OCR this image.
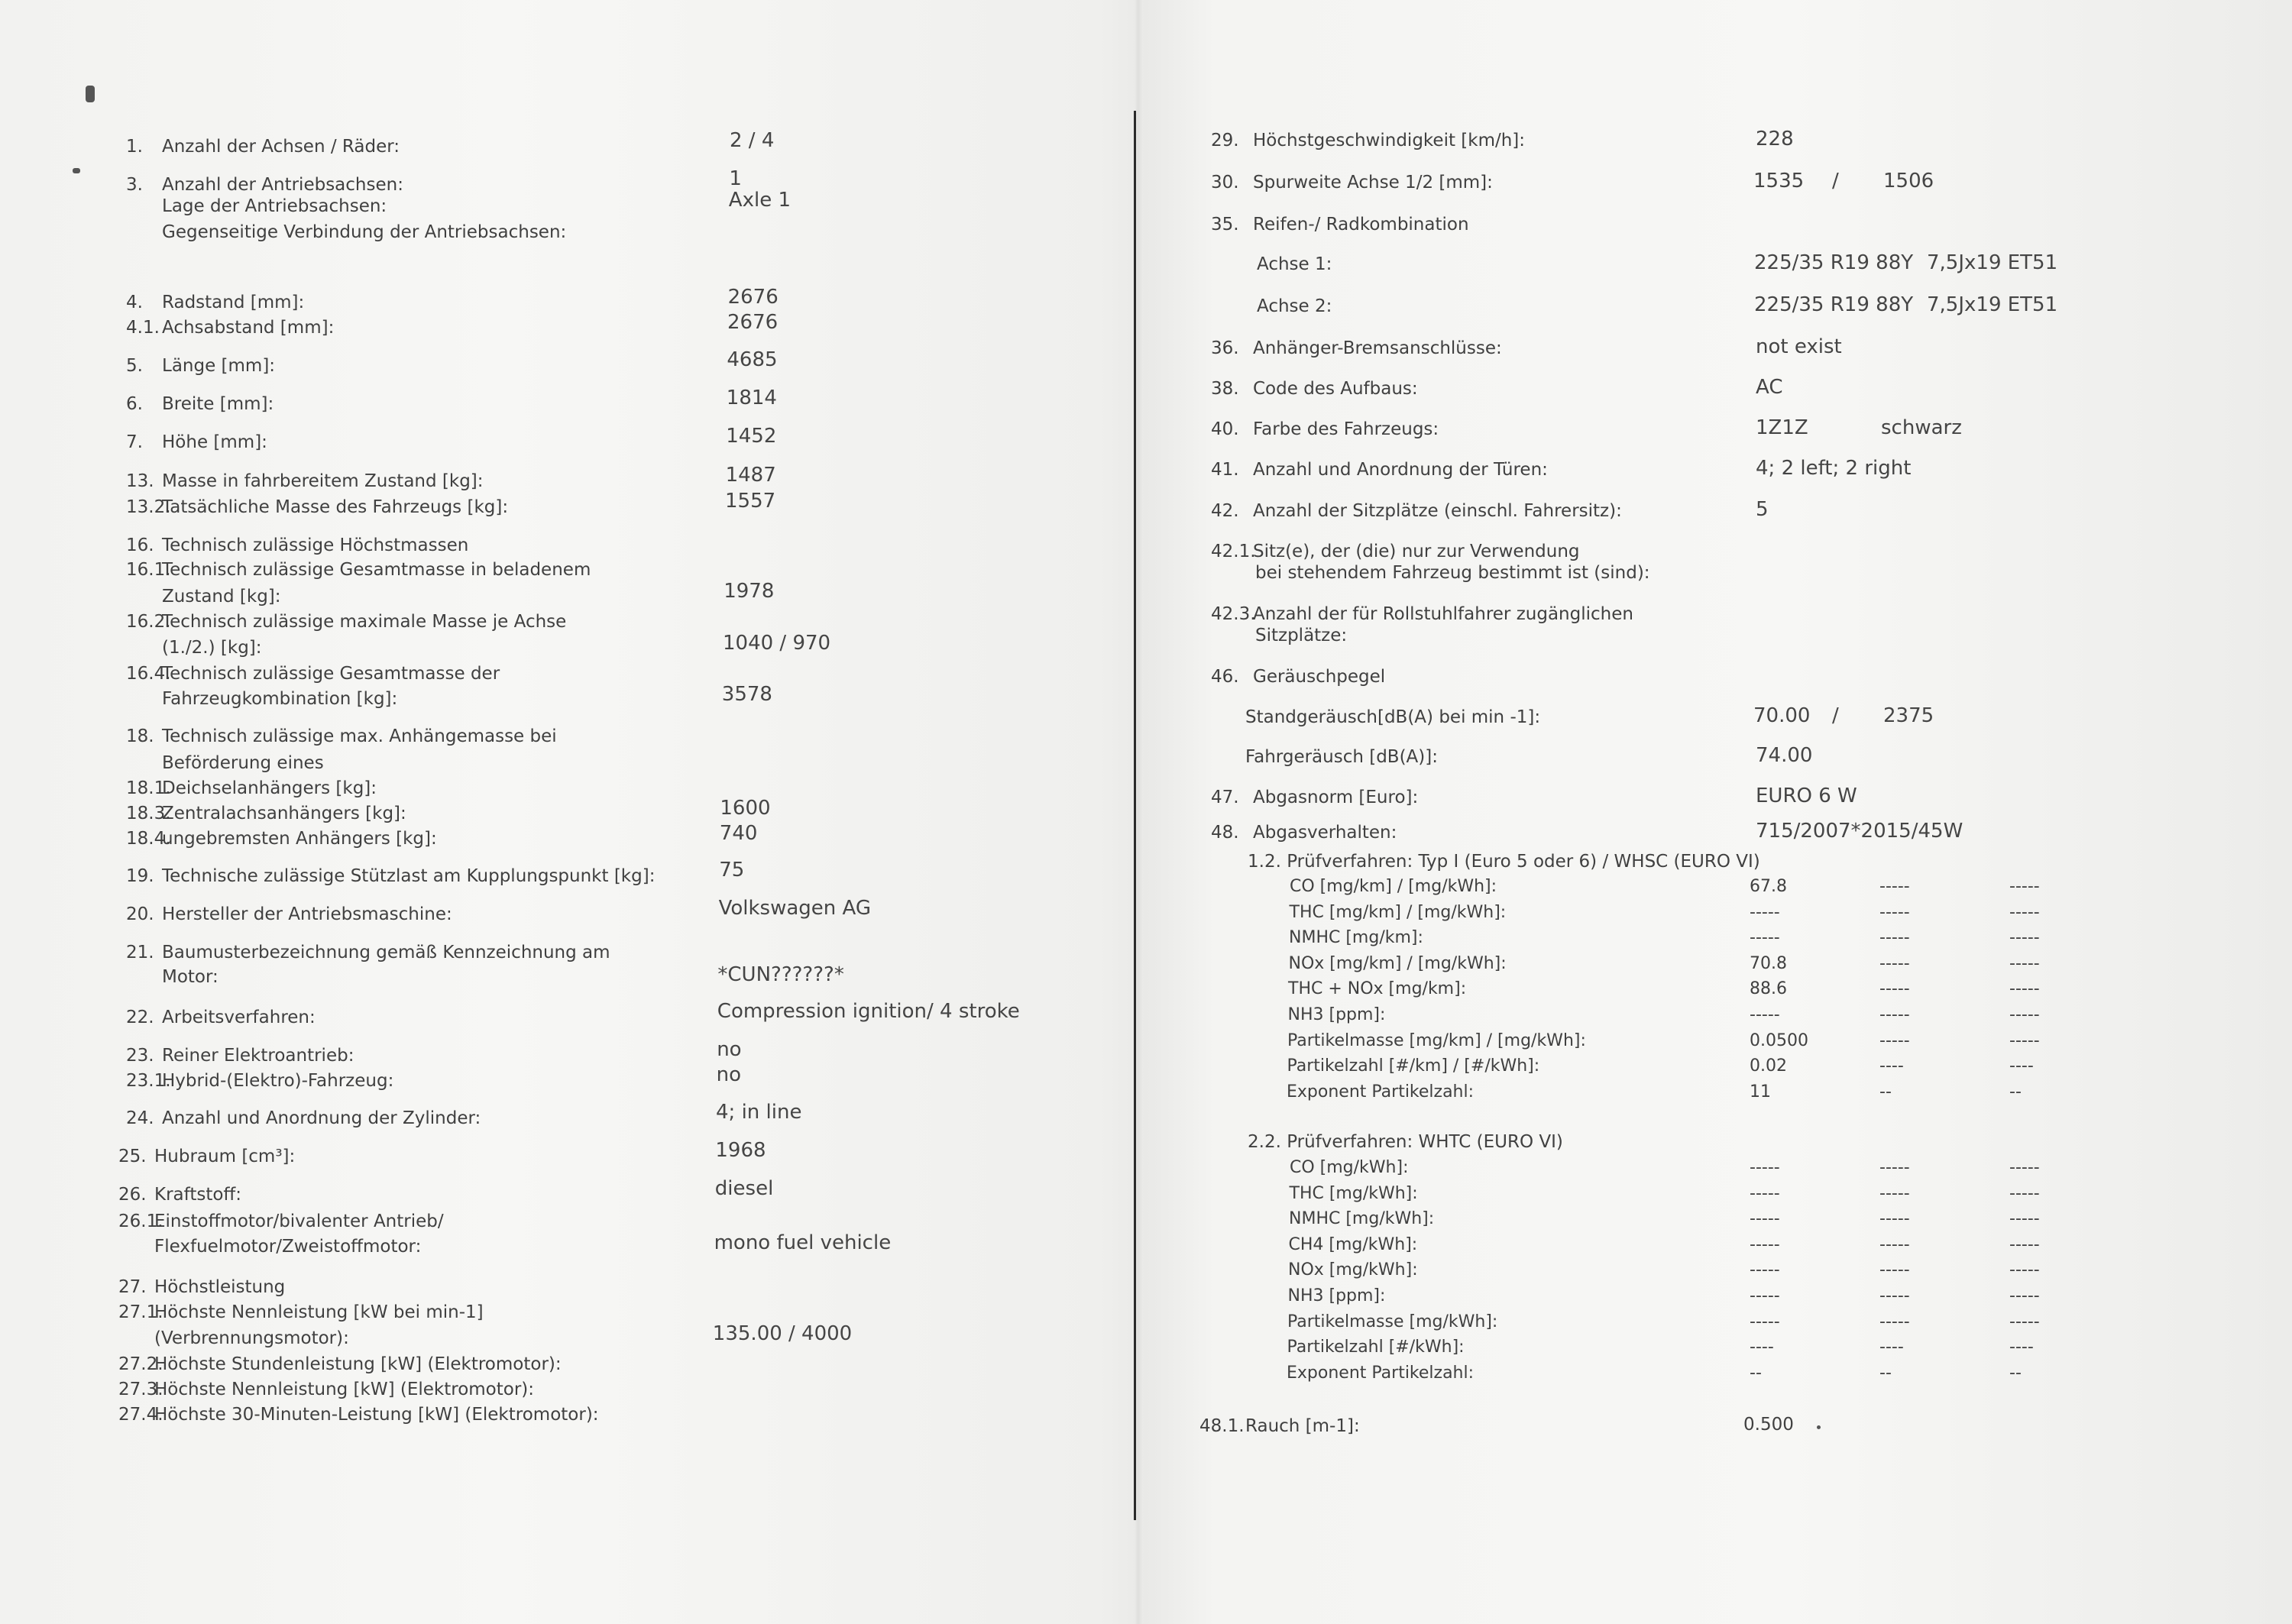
1. Anzahl der Achsen / Räder:	2 / 4
3. Anzahl der Antriebsachsen:	1
Lage der Antriebsachsen:	Axle 1
Gegenseitige Verbindung der Antriebsachsen:
4. Radstand [mm]:	2676
4.1. Achsabstand [mm]:	2676
5. Länge [mm]:	4685
6. Breite [mm]:	1814
7. Höhe [mm]:	1452
13. Masse in fahrbereitem Zustand [kg]:	1487
13.2.
Tatsächliche Masse des Fahrzeugs [kg]:	1557
16. Technisch zulässige Höchstmassen
16.1.
Technisch zulässige Gesamtmasse in beladenem
Zustand [kg]:	1978
16.2.
Technisch zulässige maximale Masse je Achse
(1./2.) [kg]:	1040 / 970
16.4.
Technisch zulässige Gesamtmasse der
Fahrzeugkombination [kg]:	3578
18. Technisch zulässige max. Anhängemasse bei
Beförderung eines
18.1.
Deichselanhängers [kg]:
18.3.
Zentralachsanhängers [kg]:	1600
18.4.
ungebremsten Anhängers [kg]:	740
19. Technische zulässige Stützlast am Kupplungspunkt [kg]:	75
20. Hersteller der Antriebsmaschine:	Volkswagen AG
21. Baumusterbezeichnung gemäß Kennzeichnung am
Motor:	*CUN??????*
22. Arbeitsverfahren:	Compression ignition/ 4 stroke
23. Reiner Elektroantrieb:	no
23.1.
Hybrid-(Elektro)-Fahrzeug:	no
24. Anzahl und Anordnung der Zylinder:	4; in line
25. Hubraum [cm³]:	1968
26. Kraftstoff:	diesel
26.1.
Einstoffmotor/bivalenter Antrieb/
Flexfuelmotor/Zweistoffmotor:	mono fuel vehicle
27. Höchstleistung
27.1.
Höchste Nennleistung [kW bei min-1]
(Verbrennungsmotor):	135.00 / 4000
27.2.
Höchste Stundenleistung [kW] (Elektromotor):
27.3.
Höchste Nennleistung [kW] (Elektromotor):
27.4.
Höchste 30-Minuten-Leistung [kW] (Elektromotor):
29. Höchstgeschwindigkeit [km/h]:	228
30. Spurweite Achse 1/2 [mm]:	1535 / 1506
35. Reifen-/ Radkombination
Achse 1:	225/35 R19 88Y 7,5Jx19 ET51
Achse 2:	225/35 R19 88Y 7,5Jx19 ET51
36. Anhänger-Bremsanschlüsse:	not exist
38. Code des Aufbaus:	AC
40. Farbe des Fahrzeugs:	1Z1Z	schwarz
41. Anzahl und Anordnung der Türen:	4; 2 left; 2 right
42. Anzahl der Sitzplätze (einschl. Fahrersitz):	5
42.1.
Sitz(e), der (die) nur zur Verwendung
bei stehendem Fahrzeug bestimmt ist (sind):
42.3.
Anzahl der für Rollstuhlfahrer zugänglichen
Sitzplätze:
46. Geräuschpegel
Standgeräusch[dB(A) bei min -1]:	70.00 / 2375
Fahrgeräusch [dB(A)]:	74.00
47. Abgasnorm [Euro]:	EURO 6 W
48. Abgasverhalten:	715/2007*2015/45W
1.2. Prüfverfahren: Typ I (Euro 5 oder 6) / WHSC (EURO VI)
CO [mg/km] / [mg/kWh]:	67.8	-----	-----
THC [mg/km] / [mg/kWh]:	-----	-----	-----
NMHC [mg/km]:	-----	-----	-----
NOx [mg/km] / [mg/kWh]:	70.8	-----	-----
THC + NOx [mg/km]:	88.6	-----	-----
NH3 [ppm]:	-----	-----	-----
Partikelmasse [mg/km] / [mg/kWh]:	0.0500	-----	-----
Partikelzahl [#/km] / [#/kWh]:	0.02	----	----
Exponent Partikelzahl:	11	--	--
2.2. Prüfverfahren: WHTC (EURO VI)
CO [mg/kWh]:	-----	-----	-----
THC [mg/kWh]:	-----	-----	-----
NMHC [mg/kWh]:	-----	-----	-----
CH4 [mg/kWh]:	-----	-----	-----
NOx [mg/kWh]:	-----	-----	-----
NH3 [ppm]:	-----	-----	-----
Partikelmasse [mg/kWh]:	-----	-----	-----
Partikelzahl [#/kWh]:	----	----	----
Exponent Partikelzahl:	--	--	--
48.1. Rauch [m-1]:	0.500
